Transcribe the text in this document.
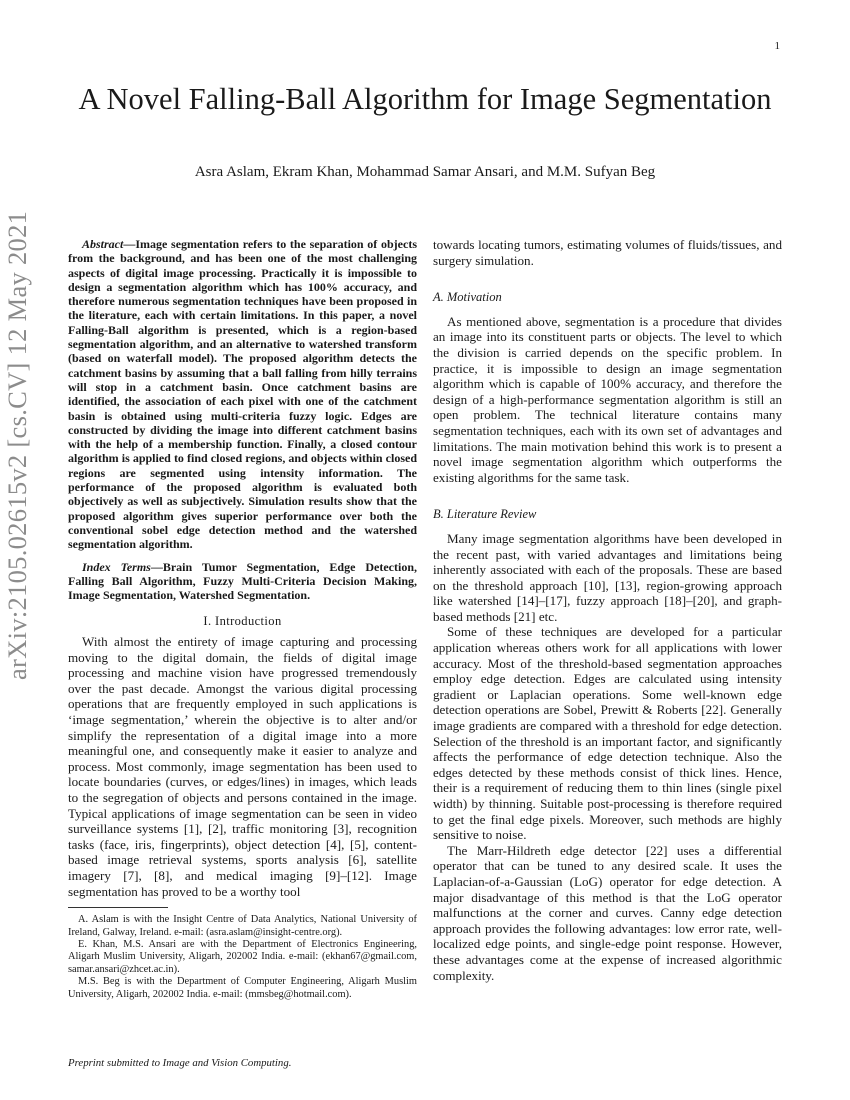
1
arXiv:2105.02615v2 [cs.CV] 12 May 2021
A Novel Falling-Ball Algorithm for Image Segmentation
Asra Aslam, Ekram Khan, Mohammad Samar Ansari, and M.M. Sufyan Beg

Abstract—Image segmentation refers to the separation of objects from the background, and has been one of the most challenging aspects of digital image processing. Practically it is impossible to design a segmentation algorithm which has 100% accuracy, and therefore numerous segmentation techniques have been proposed in the literature, each with certain limitations. In this paper, a novel Falling-Ball algorithm is presented, which is a region-based segmentation algorithm, and an alternative to watershed transform (based on waterfall model). The proposed algorithm detects the catchment basins by assuming that a ball falling from hilly terrains will stop in a catchment basin. Once catchment basins are identified, the association of each pixel with one of the catchment basin is obtained using multi-criteria fuzzy logic. Edges are constructed by dividing the image into different catchment basins with the help of a membership function. Finally, a closed contour algorithm is applied to find closed regions, and objects within closed regions are segmented using intensity information. The performance of the proposed algorithm is evaluated both objectively as well as subjectively. Simulation results show that the proposed algorithm gives superior performance over both the conventional sobel edge detection method and the watershed segmentation algorithm.

Index Terms—Brain Tumor Segmentation, Edge Detection, Falling Ball Algorithm, Fuzzy Multi-Criteria Decision Making, Image Segmentation, Watershed Segmentation.

I. Introduction

With almost the entirety of image capturing and processing moving to the digital domain, the fields of digital image processing and machine vision have progressed tremendously over the past decade. Amongst the various digital processing operations that are frequently employed in such applications is ‘image segmentation,’ wherein the objective is to alter and/or simplify the representation of a digital image into a more meaningful one, and consequently make it easier to analyze and process. Most commonly, image segmentation has been used to locate boundaries (curves, or edges/lines) in images, which leads to the segregation of objects and persons contained in the image. Typical applications of image segmentation can be seen in video surveillance systems [1], [2], traffic monitoring [3], recognition tasks (face, iris, fingerprints), object detection [4], [5], content-based image retrieval systems, sports analysis [6], satellite imagery [7], [8], and medical imaging [9]–[12]. Image segmentation has proved to be a worthy tool

A. Aslam is with the Insight Centre of Data Analytics, National University of Ireland, Galway, Ireland. e-mail: (asra.aslam@insight-centre.org).

E. Khan, M.S. Ansari are with the Department of Electronics Engineering, Aligarh Muslim University, Aligarh, 202002 India. e-mail: (ekhan67@gmail.com, samar.ansari@zhcet.ac.in).

M.S. Beg is with the Department of Computer Engineering, Aligarh Muslim University, Aligarh, 202002 India. e-mail: (mmsbeg@hotmail.com).

towards locating tumors, estimating volumes of fluids/tissues, and surgery simulation.

A. Motivation

As mentioned above, segmentation is a procedure that divides an image into its constituent parts or objects. The level to which the division is carried depends on the specific problem. In practice, it is impossible to design an image segmentation algorithm which is capable of 100% accuracy, and therefore the design of a high-performance segmentation algorithm is still an open problem. The technical literature contains many segmentation techniques, each with its own set of advantages and limitations. The main motivation behind this work is to present a novel image segmentation algorithm which outperforms the existing algorithms for the same task.

B. Literature Review

Many image segmentation algorithms have been developed in the recent past, with varied advantages and limitations being inherently associated with each of the proposals. These are based on the threshold approach [10], [13], region-growing approach like watershed [14]–[17], fuzzy approach [18]–[20], and graph-based methods [21] etc.

Some of these techniques are developed for a particular application whereas others work for all applications with lower accuracy. Most of the threshold-based segmentation approaches employ edge detection. Edges are calculated using intensity gradient or Laplacian operations. Some well-known edge detection operations are Sobel, Prewitt & Roberts [22]. Generally image gradients are compared with a threshold for edge detection. Selection of the threshold is an important factor, and significantly affects the performance of edge detection technique. Also the edges detected by these methods consist of thick lines. Hence, their is a requirement of reducing them to thin lines (single pixel width) by thinning. Suitable post-processing is therefore required to get the final edge pixels. Moreover, such methods are highly sensitive to noise.

The Marr-Hildreth edge detector [22] uses a differential operator that can be tuned to any desired scale. It uses the Laplacian-of-a-Gaussian (LoG) operator for edge detection. A major disadvantage of this method is that the LoG operator malfunctions at the corner and curves. Canny edge detection approach provides the following advantages: low error rate, well-localized edge points, and single-edge point response. However, these advantages come at the expense of increased algorithmic complexity.

Preprint submitted to Image and Vision Computing.
